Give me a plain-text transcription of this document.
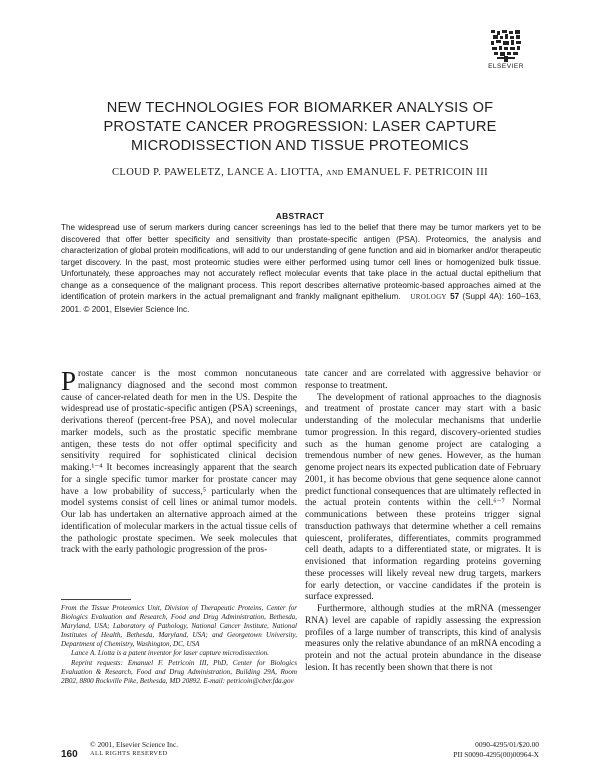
ELSEVIER
NEW TECHNOLOGIES FOR BIOMARKER ANALYSIS OF
PROSTATE CANCER PROGRESSION: LASER CAPTURE
MICRODISSECTION AND TISSUE PROTEOMICS
CLOUD P. PAWELETZ, LANCE A. LIOTTA, AND EMANUEL F. PETRICOIN III
ABSTRACT
The widespread use of serum markers during cancer screenings has led to the belief that there may be tumor markers yet to be discovered that offer better specificity and sensitivity than prostate-specific antigen (PSA). Proteomics, the analysis and characterization of global protein modifications, will add to our understanding of gene function and aid in biomarker and/or therapeutic target discovery. In the past, most proteomic studies were either performed using tumor cell lines or homogenized bulk tissue. Unfortunately, these approaches may not accurately reflect molecular events that take place in the actual ductal epithelium that change as a consequence of the malignant process. This report describes alternative proteomic-based approaches aimed at the identification of protein markers in the actual premalignant and frankly malignant epithelium. UROLOGY 57 (Suppl 4A): 160–163, 2001. © 2001, Elsevier Science Inc.

Prostate cancer is the most common noncutaneous malignancy diagnosed and the second most common cause of cancer-related death for men in the US. Despite the widespread use of prostatic-specific antigen (PSA) screenings, derivations thereof (percent-free PSA), and novel molecular marker models, such as the prostatic specific membrane antigen, these tests do not offer optimal specificity and sensitivity required for sophisticated clinical decision making.¹⁻⁴ It becomes increasingly apparent that the search for a single specific tumor marker for prostate cancer may have a low probability of success,⁵ particularly when the model systems consist of cell lines or animal tumor models. Our lab has undertaken an alternative approach aimed at the identification of molecular markers in the actual tissue cells of the pathologic prostate specimen. We seek molecules that track with the early pathologic progression of the pros-

From the Tissue Proteomics Unit, Division of Therapeutic Proteins, Center for Biologics Evaluation and Research, Food and Drug Administration, Bethesda, Maryland, USA; Laboratory of Pathology, National Cancer Institute, National Institutes of Health, Bethesda, Maryland, USA; and Georgetown University, Department of Chemistry, Washington, DC, USA

Lance A. Liotta is a patent inventor for laser capture microdissection.

Reprint requests: Emanuel F. Petricoin III, PhD, Center for Biologics Evaluation & Research, Food and Drug Administration, Building 29A, Room 2B02, 8800 Rockville Pike, Bethesda, MD 20892. E-mail: petricoin@cber.fda.gov

tate cancer and are correlated with aggressive behavior or response to treatment.

The development of rational approaches to the diagnosis and treatment of prostate cancer may start with a basic understanding of the molecular mechanisms that underlie tumor progression. In this regard, discovery-oriented studies such as the human genome project are cataloging a tremendous number of new genes. However, as the human genome project nears its expected publication date of February 2001, it has become obvious that gene sequence alone cannot predict functional consequences that are ultimately reflected in the actual protein contents within the cell.⁶⁻⁷ Normal communications between these proteins trigger signal transduction pathways that determine whether a cell remains quiescent, proliferates, differentiates, commits programmed cell death, adapts to a differentiated state, or migrates. It is envisioned that information regarding proteins governing these processes will likely reveal new drug targets, markers for early detection, or vaccine candidates if the protein is surface expressed.

Furthermore, although studies at the mRNA (messenger RNA) level are capable of rapidly assessing the expression profiles of a large number of transcripts, this kind of analysis measures only the relative abundance of an mRNA encoding a protein and not the actual protein abundance in the disease lesion. It has recently been shown that there is not

© 2001, Elsevier Science Inc.
160 ALL RIGHTS RESERVED
0090-4295/01/$20.00
PII S0090-4295(00)00964-X
